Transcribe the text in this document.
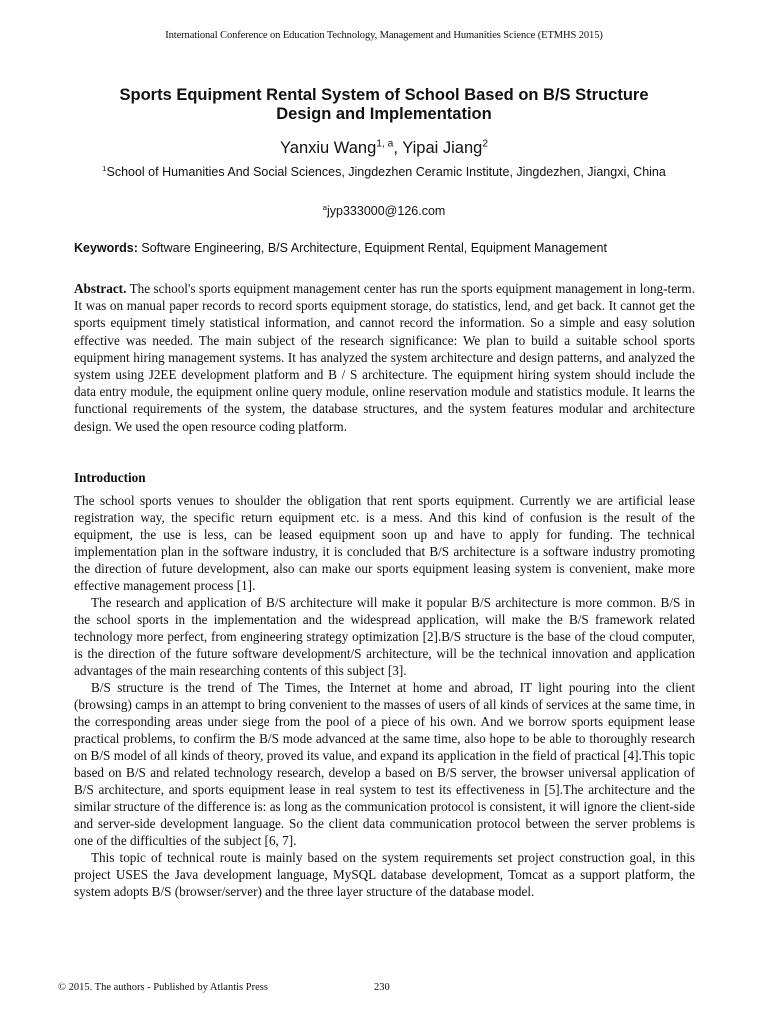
International Conference on Education Technology, Management and Humanities Science (ETMHS 2015)
Sports Equipment Rental System of School Based on B/S Structure
Design and Implementation
Yanxiu Wang$^{1, a}$, Yipai Jiang$^2$
$^1$School of Humanities And Social Sciences, Jingdezhen Ceramic Institute, Jingdezhen, Jiangxi, China
$^a$jyp333000@126.com
Keywords: Software Engineering, B/S Architecture, Equipment Rental, Equipment Management

Abstract. The school's sports equipment management center has run the sports equipment management in long-term. It was on manual paper records to record sports equipment storage, do statistics, lend, and get back. It cannot get the sports equipment timely statistical information, and cannot record the information. So a simple and easy solution effective was needed. The main subject of the research significance: We plan to build a suitable school sports equipment hiring management systems. It has analyzed the system architecture and design patterns, and analyzed the system using J2EE development platform and B / S architecture. The equipment hiring system should include the data entry module, the equipment online query module, online reservation module and statistics module. It learns the functional requirements of the system, the database structures, and the system features modular and architecture design. We used the open resource coding platform.

Introduction

The school sports venues to shoulder the obligation that rent sports equipment. Currently we are artificial lease registration way, the specific return equipment etc. is a mess. And this kind of confusion is the result of the equipment, the use is less, can be leased equipment soon up and have to apply for funding. The technical implementation plan in the software industry, it is concluded that B/S architecture is a software industry promoting the direction of future development, also can make our sports equipment leasing system is convenient, make more effective management process [1].

The research and application of B/S architecture will make it popular B/S architecture is more common. B/S in the school sports in the implementation and the widespread application, will make the B/S framework related technology more perfect, from engineering strategy optimization [2].B/S structure is the base of the cloud computer, is the direction of the future software development/S architecture, will be the technical innovation and application advantages of the main researching contents of this subject [3].

B/S structure is the trend of The Times, the Internet at home and abroad, IT light pouring into the client (browsing) camps in an attempt to bring convenient to the masses of users of all kinds of services at the same time, in the corresponding areas under siege from the pool of a piece of his own. And we borrow sports equipment lease practical problems, to confirm the B/S mode advanced at the same time, also hope to be able to thoroughly research on B/S model of all kinds of theory, proved its value, and expand its application in the field of practical [4].This topic based on B/S and related technology research, develop a based on B/S server, the browser universal application of B/S architecture, and sports equipment lease in real system to test its effectiveness in [5].The architecture and the similar structure of the difference is: as long as the communication protocol is consistent, it will ignore the client-side and server-side development language. So the client data communication protocol between the server problems is one of the difficulties of the subject [6, 7].

This topic of technical route is mainly based on the system requirements set project construction goal, in this project USES the Java development language, MySQL database development, Tomcat as a support platform, the system adopts B/S (browser/server) and the three layer structure of the database model.

© 2015. The authors - Published by Atlantis Press	230
